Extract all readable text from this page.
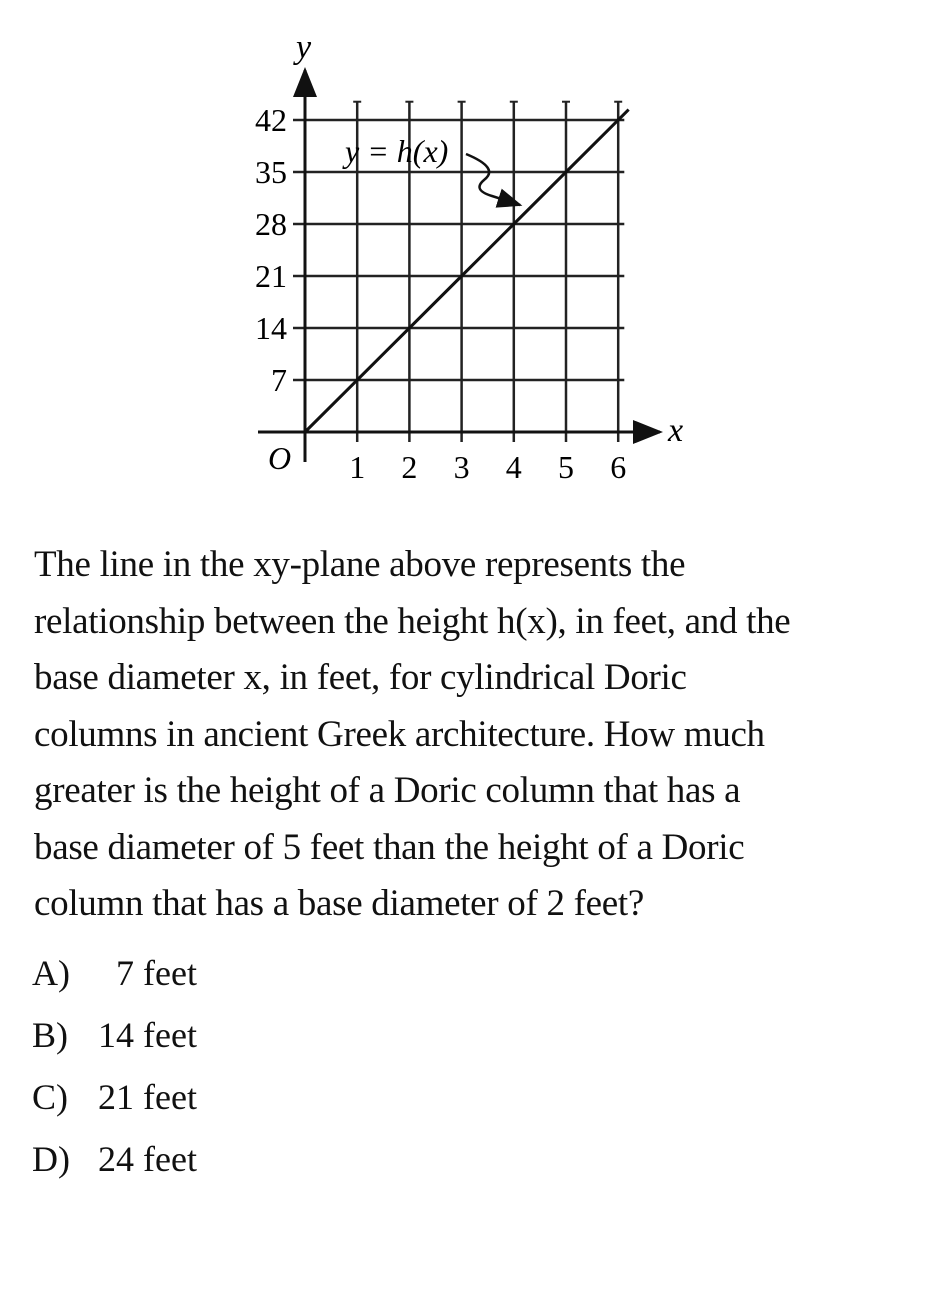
1 2 3 4 5 6
7
14
21
28
35
42
x
y
O
y = h(x)

The line in the xy-plane above represents the

relationship between the height h(x), in feet, and the

base diameter x, in feet, for cylindrical Doric

columns in ancient Greek architecture. How much

greater is the height of a Doric column that has a

base diameter of 5 feet than the height of a Doric

column that has a base diameter of 2 feet?

A) 7 feet
B) 14 feet
C) 21 feet
D) 24 feet
